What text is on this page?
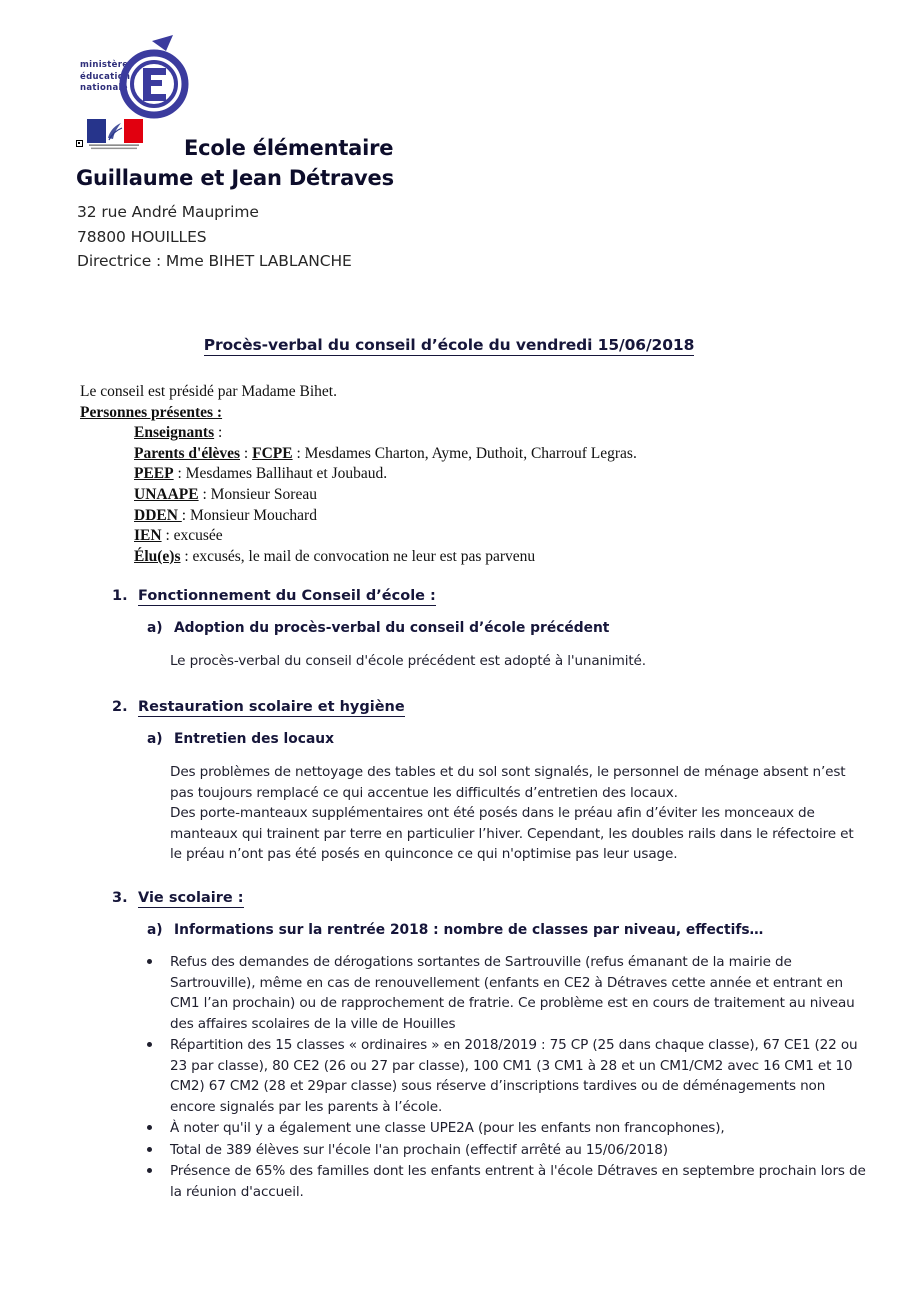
ministère
éducation
nationale
Ecole élémentaire
Guillaume et Jean Détraves
32 rue André Mauprime
78800 HOUILLES
Directrice : Mme BIHET LABLANCHE
Procès-verbal du conseil d’école du vendredi 15/06/2018
Le conseil est présidé par Madame Bihet.
Personnes présentes :
Enseignants :
Parents d'élèves : FCPE : Mesdames Charton, Ayme, Duthoit, Charrouf Legras.
PEEP : Mesdames Ballihaut et Joubaud.
UNAAPE : Monsieur Soreau
DDEN : Monsieur Mouchard
IEN : excusée
Élu(e)s : excusés, le mail de convocation ne leur est pas parvenu
1. Fonctionnement du Conseil d’école :
a) Adoption du procès-verbal du conseil d’école précédent
Le procès-verbal du conseil d'école précédent est adopté à l'unanimité.
2. Restauration scolaire et hygiène
a) Entretien des locaux
Des problèmes de nettoyage des tables et du sol sont signalés, le personnel de ménage absent n’est pas toujours remplacé ce qui accentue les difficultés d’entretien des locaux.
Des porte-manteaux supplémentaires ont été posés dans le préau afin d’éviter les monceaux de manteaux qui trainent par terre en particulier l’hiver. Cependant, les doubles rails dans le réfectoire et le préau n’ont pas été posés en quinconce ce qui n'optimise pas leur usage.
3. Vie scolaire :
a) Informations sur la rentrée 2018 : nombre de classes par niveau, effectifs…
Refus des demandes de dérogations sortantes de Sartrouville (refus émanant de la mairie de Sartrouville), même en cas de renouvellement (enfants en CE2 à Détraves cette année et entrant en CM1 l’an prochain) ou de rapprochement de fratrie. Ce problème est en cours de traitement au niveau des affaires scolaires de la ville de Houilles
Répartition des 15 classes « ordinaires » en 2018/2019 : 75 CP (25 dans chaque classe), 67 CE1 (22 ou 23 par classe), 80 CE2 (26 ou 27 par classe), 100 CM1 (3 CM1 à 28 et un CM1/CM2 avec 16 CM1 et 10 CM2) 67 CM2 (28 et 29par classe) sous réserve d’inscriptions tardives ou de déménagements non encore signalés par les parents à l’école.
À noter qu'il y a également une classe UPE2A (pour les enfants non francophones),
Total de 389 élèves sur l'école l'an prochain (effectif arrêté au 15/06/2018)
Présence de 65% des familles dont les enfants entrent à l'école Détraves en septembre prochain lors de la réunion d'accueil.
